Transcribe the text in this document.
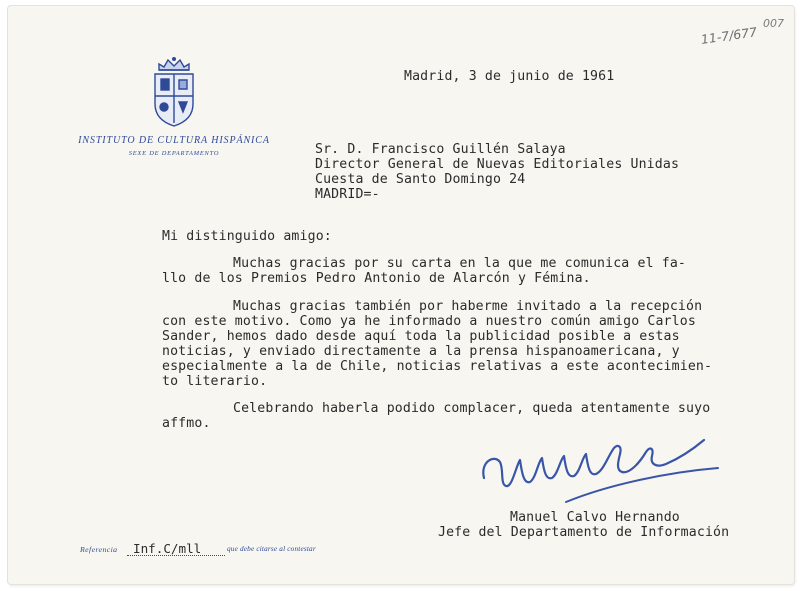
INSTITUTO DE CULTURA HISPÁNICA
SEXE DE DEPARTAMENTO
11-7/677
007
Madrid, 3 de junio de 1961
Sr. D. Francisco Guillén Salaya
Director General de Nuevas Editoriales Unidas
Cuesta de Santo Domingo 24
MADRID=-
Mi distinguido amigo:
Muchas gracias por su carta en la que me comunica el fa-
llo de los Premios Pedro Antonio de Alarcón y Fémina.
Muchas gracias también por haberme invitado a la recepción
con este motivo. Como ya he informado a nuestro común amigo Carlos
Sander, hemos dado desde aquí toda la publicidad posible a estas
noticias, y enviado directamente a la prensa hispanoamericana, y
especialmente a la de Chile, noticias relativas a este acontecimien-
to literario.
Celebrando haberla podido complacer, queda atentamente suyo
affmo.
Manuel Calvo Hernando
Jefe del Departamento de Información
Referencia Inf.C/mll	que debe citarse al contestar
